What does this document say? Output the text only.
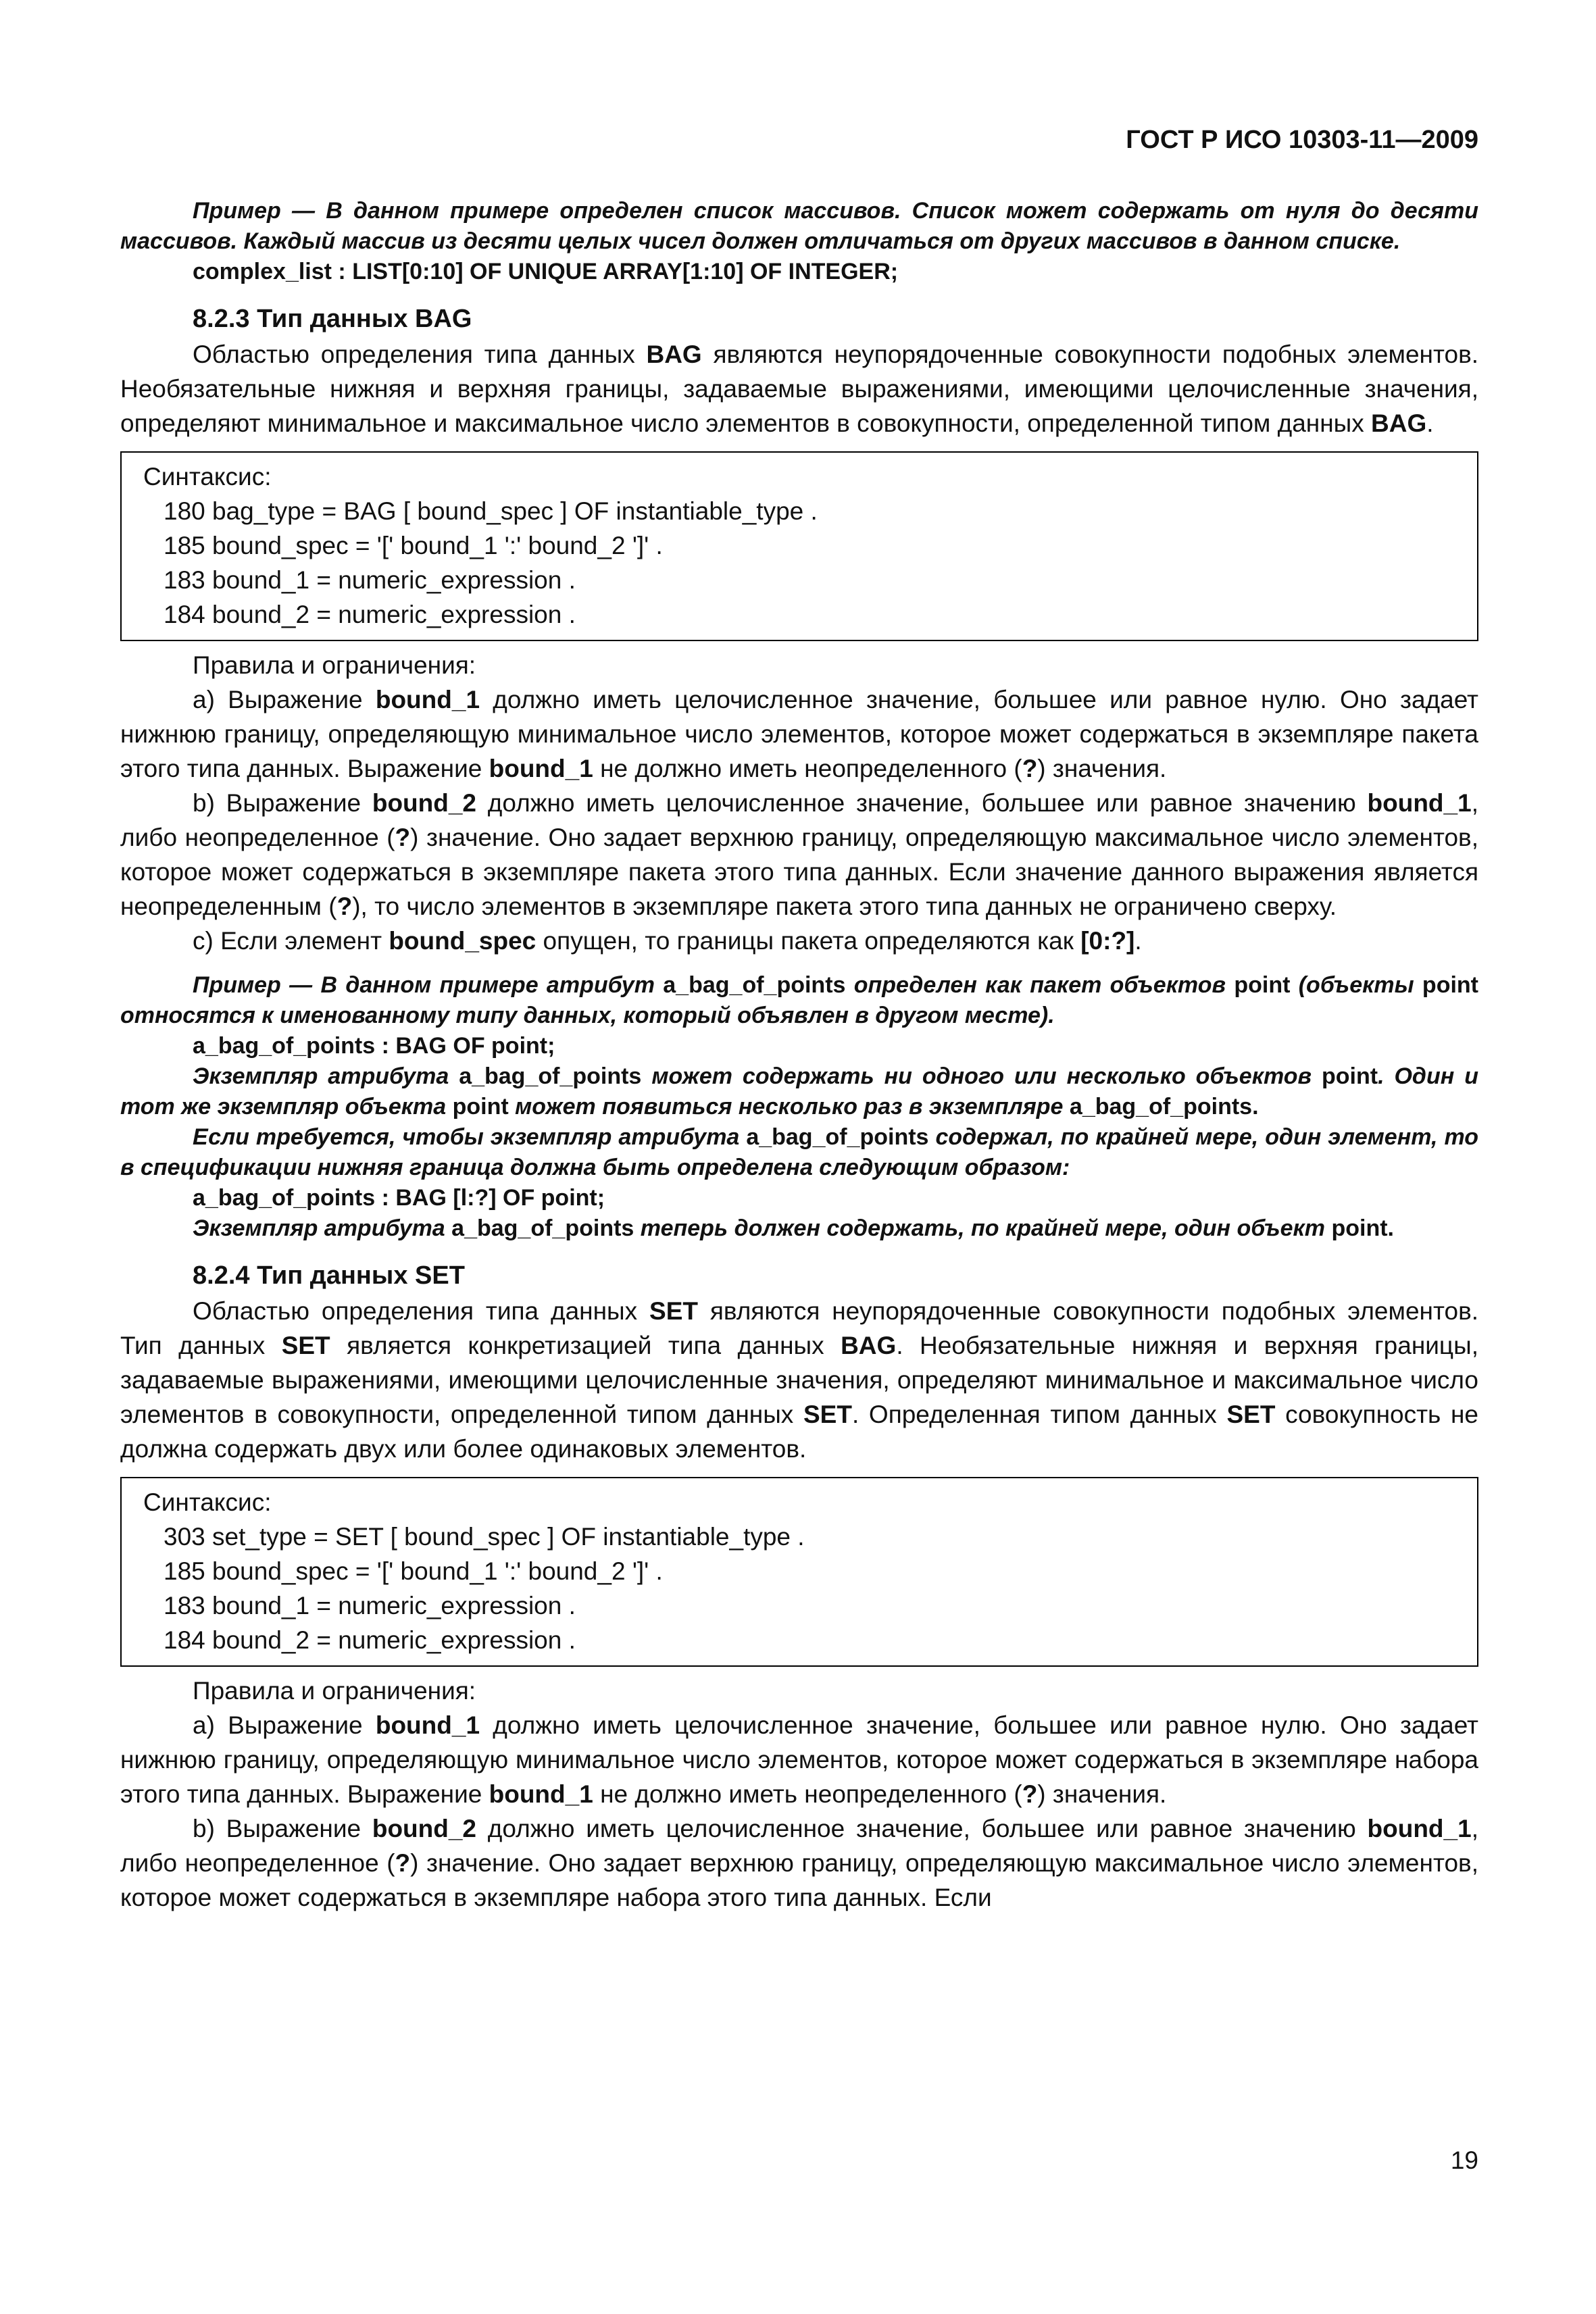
ГОСТ Р ИСО 10303-11—2009

Пример — В данном примере определен список массивов. Список может содержать от нуля до десяти массивов. Каждый массив из десяти целых чисел должен отличаться от других массивов в данном списке.

complex_list : LIST[0:10] OF UNIQUE ARRAY[1:10] OF INTEGER;
8.2.3 Тип данных BAG

Областью определения типа данных BAG являются неупорядоченные совокупности подобных элементов. Необязательные нижняя и верхняя границы, задаваемые выражениями, имеющими целочисленные значения, определяют минимальное и максимальное число элементов в совокупности, определенной типом данных BAG.

Синтаксис:
180 bag_type = BAG [ bound_spec ] OF instantiable_type .
185 bound_spec = '[' bound_1 ':' bound_2 ']' .
183 bound_1 = numeric_expression .
184 bound_2 = numeric_expression .

Правила и ограничения:

a) Выражение bound_1 должно иметь целочисленное значение, большее или равное нулю. Оно задает нижнюю границу, определяющую минимальное число элементов, которое может содержаться в экземпляре пакета этого типа данных. Выражение bound_1 не должно иметь неопределенного (?) значения.

b) Выражение bound_2 должно иметь целочисленное значение, большее или равное значению bound_1, либо неопределенное (?) значение. Оно задает верхнюю границу, определяющую максимальное число элементов, которое может содержаться в экземпляре пакета этого типа данных. Если значение данного выражения является неопределенным (?), то число элементов в экземпляре пакета этого типа данных не ограничено сверху.

c) Если элемент bound_spec опущен, то границы пакета определяются как [0:?].

Пример — В данном примере атрибут a_bag_of_points определен как пакет объектов point (объекты point относятся к именованному типу данных, который объявлен в другом месте).

a_bag_of_points : BAG OF point;

Экземпляр атрибута a_bag_of_points может содержать ни одного или несколько объектов point. Один и тот же экземпляр объекта point может появиться несколько раз в экземпляре a_bag_of_points.

Если требуется, чтобы экземпляр атрибута a_bag_of_points содержал, по крайней мере, один элемент, то в спецификации нижняя граница должна быть определена следующим образом:

a_bag_of_points : BAG [l:?] OF point;

Экземпляр атрибута a_bag_of_points теперь должен содержать, по крайней мере, один объект point.

8.2.4 Тип данных SET

Областью определения типа данных SET являются неупорядоченные совокупности подобных элементов. Тип данных SET является конкретизацией типа данных BAG. Необязательные нижняя и верхняя границы, задаваемые выражениями, имеющими целочисленные значения, определяют минимальное и максимальное число элементов в совокупности, определенной типом данных SET. Определенная типом данных SET совокупность не должна содержать двух или более одинаковых элементов.

Синтаксис:
303 set_type = SET [ bound_spec ] OF instantiable_type .
185 bound_spec = '[' bound_1 ':' bound_2 ']' .
183 bound_1 = numeric_expression .
184 bound_2 = numeric_expression .

Правила и ограничения:

a) Выражение bound_1 должно иметь целочисленное значение, большее или равное нулю. Оно задает нижнюю границу, определяющую минимальное число элементов, которое может содержаться в экземпляре набора этого типа данных. Выражение bound_1 не должно иметь неопределенного (?) значения.

b) Выражение bound_2 должно иметь целочисленное значение, большее или равное значению bound_1, либо неопределенное (?) значение. Оно задает верхнюю границу, определяющую максимальное число элементов, которое может содержаться в экземпляре набора этого типа данных. Если

19
